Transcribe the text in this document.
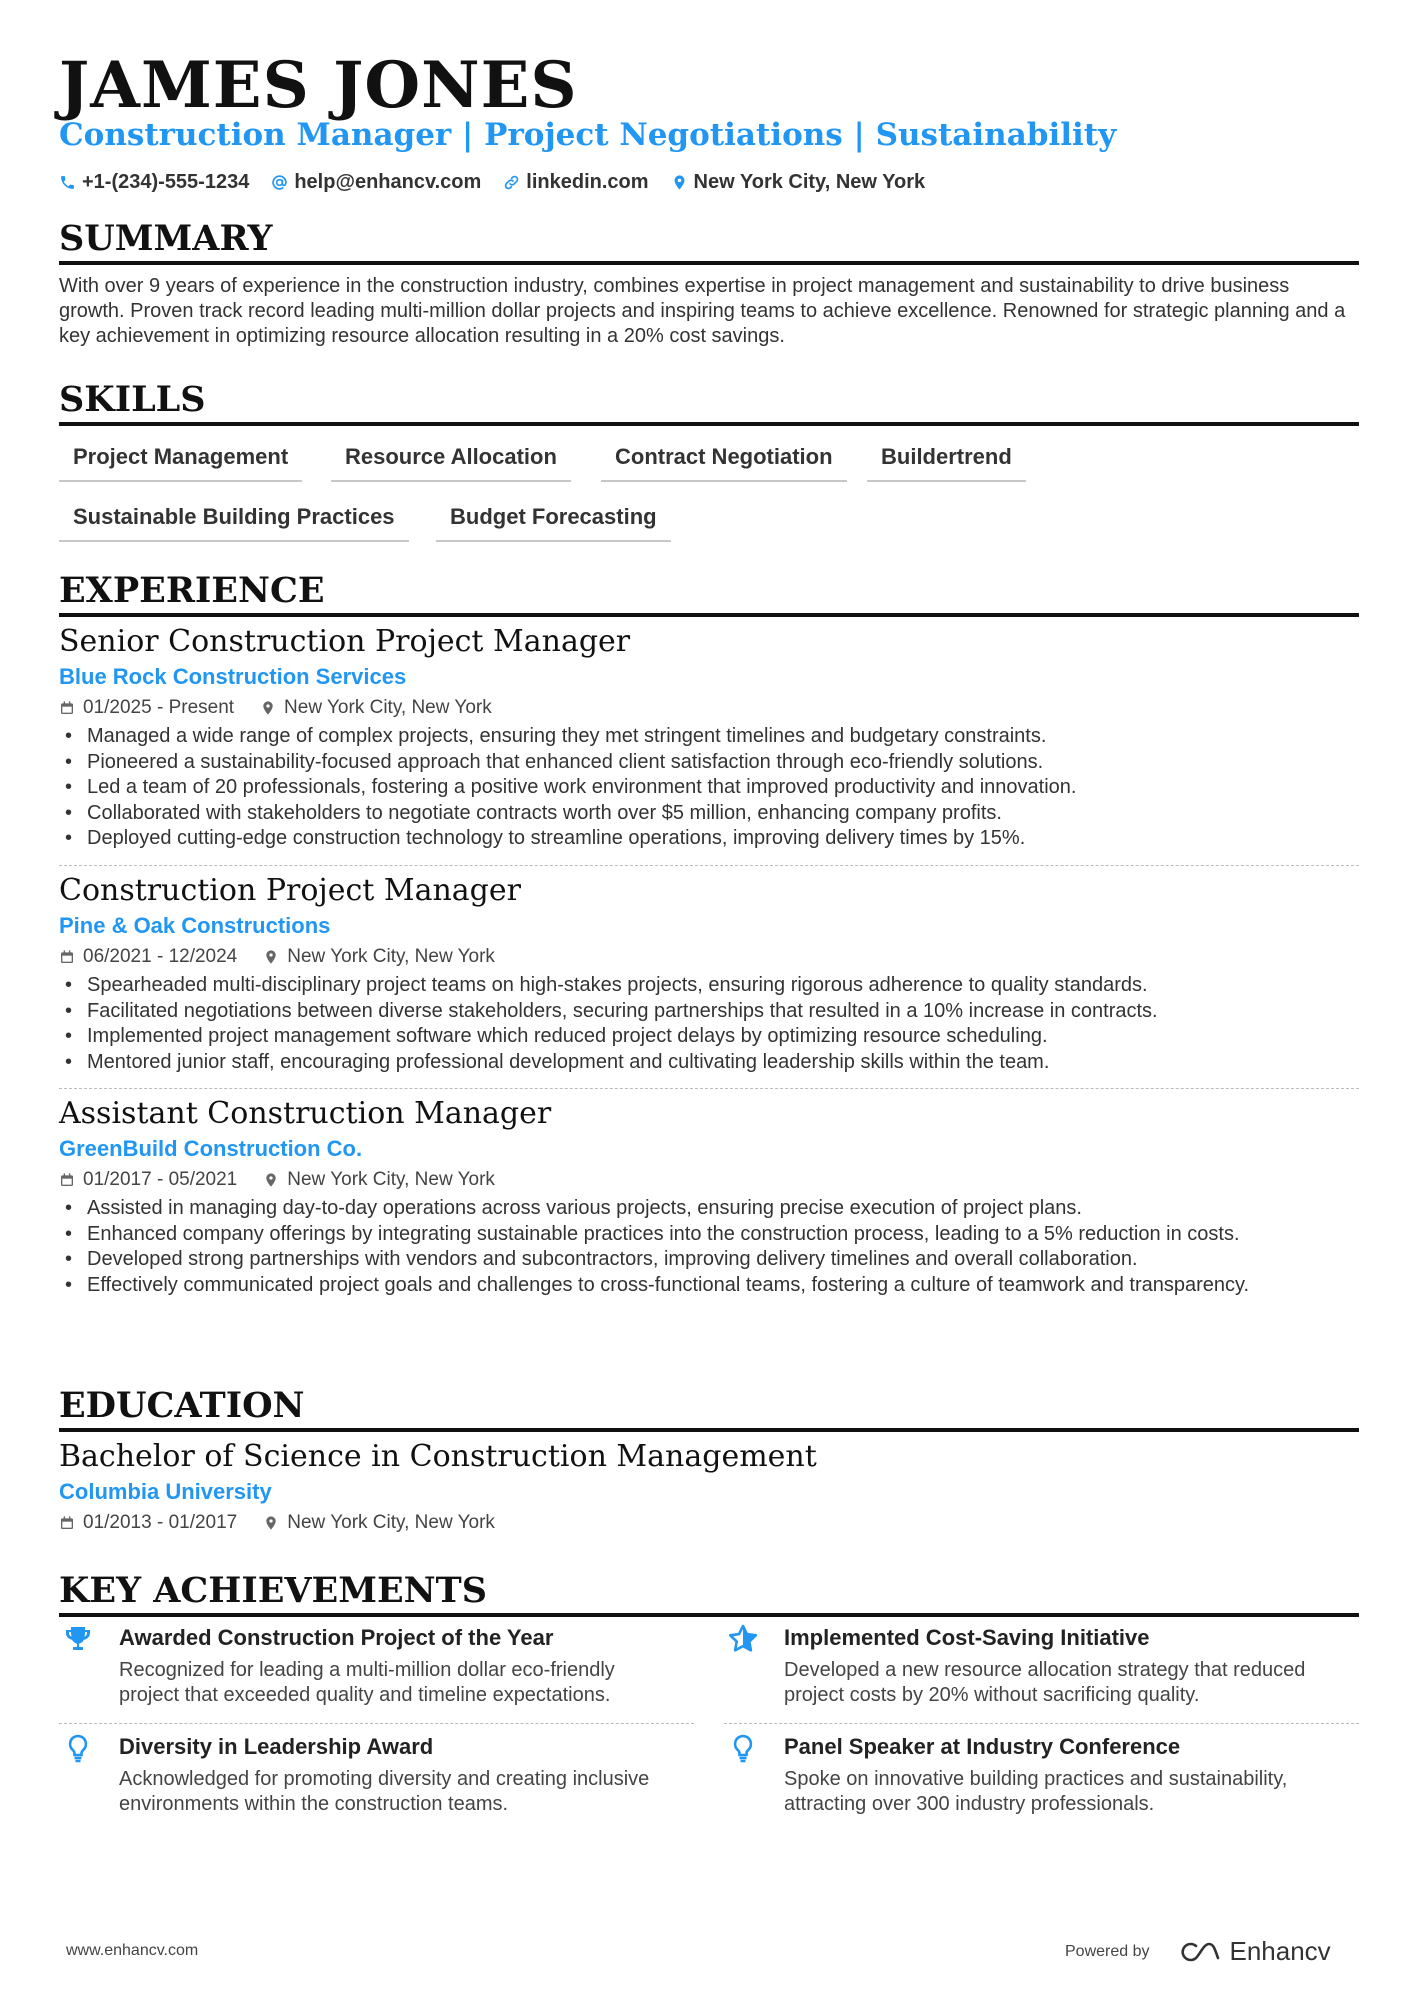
JAMES JONES
Construction Manager | Project Negotiations | Sustainability
+1-(234)-555-1234 help@enhancv.com linkedin.com New York City, New York
SUMMARY
With over 9 years of experience in the construction industry, combines expertise in project management and sustainability to drive business growth. Proven track record leading multi-million dollar projects and inspiring teams to achieve excellence. Renowned for strategic planning and a key achievement in optimizing resource allocation resulting in a 20% cost savings.
SKILLS
Project Management	Resource Allocation	Contract Negotiation	Buildertrend
Sustainable Building Practices	Budget Forecasting
EXPERIENCE
Senior Construction Project Manager
Blue Rock Construction Services
01/2025 - Present	New York City, New York
• Managed a wide range of complex projects, ensuring they met stringent timelines and budgetary constraints.
• Pioneered a sustainability-focused approach that enhanced client satisfaction through eco-friendly solutions.
• Led a team of 20 professionals, fostering a positive work environment that improved productivity and innovation.
• Collaborated with stakeholders to negotiate contracts worth over $5 million, enhancing company profits.
• Deployed cutting-edge construction technology to streamline operations, improving delivery times by 15%.
Construction Project Manager
Pine & Oak Constructions
06/2021 - 12/2024	New York City, New York
• Spearheaded multi-disciplinary project teams on high-stakes projects, ensuring rigorous adherence to quality standards.
• Facilitated negotiations between diverse stakeholders, securing partnerships that resulted in a 10% increase in contracts.
• Implemented project management software which reduced project delays by optimizing resource scheduling.
• Mentored junior staff, encouraging professional development and cultivating leadership skills within the team.
Assistant Construction Manager
GreenBuild Construction Co.
01/2017 - 05/2021	New York City, New York
• Assisted in managing day-to-day operations across various projects, ensuring precise execution of project plans.
• Enhanced company offerings by integrating sustainable practices into the construction process, leading to a 5% reduction in costs.
• Developed strong partnerships with vendors and subcontractors, improving delivery timelines and overall collaboration.
• Effectively communicated project goals and challenges to cross-functional teams, fostering a culture of teamwork and transparency.
EDUCATION
Bachelor of Science in Construction Management
Columbia University
01/2013 - 01/2017	New York City, New York
KEY ACHIEVEMENTS
Awarded Construction Project of the Year
Recognized for leading a multi-million dollar eco-friendly project that exceeded quality and timeline expectations.
Implemented Cost-Saving Initiative
Developed a new resource allocation strategy that reduced project costs by 20% without sacrificing quality.
Diversity in Leadership Award
Acknowledged for promoting diversity and creating inclusive environments within the construction teams.
Panel Speaker at Industry Conference
Spoke on innovative building practices and sustainability, attracting over 300 industry professionals.
www.enhancv.com	Powered by	Enhancv
